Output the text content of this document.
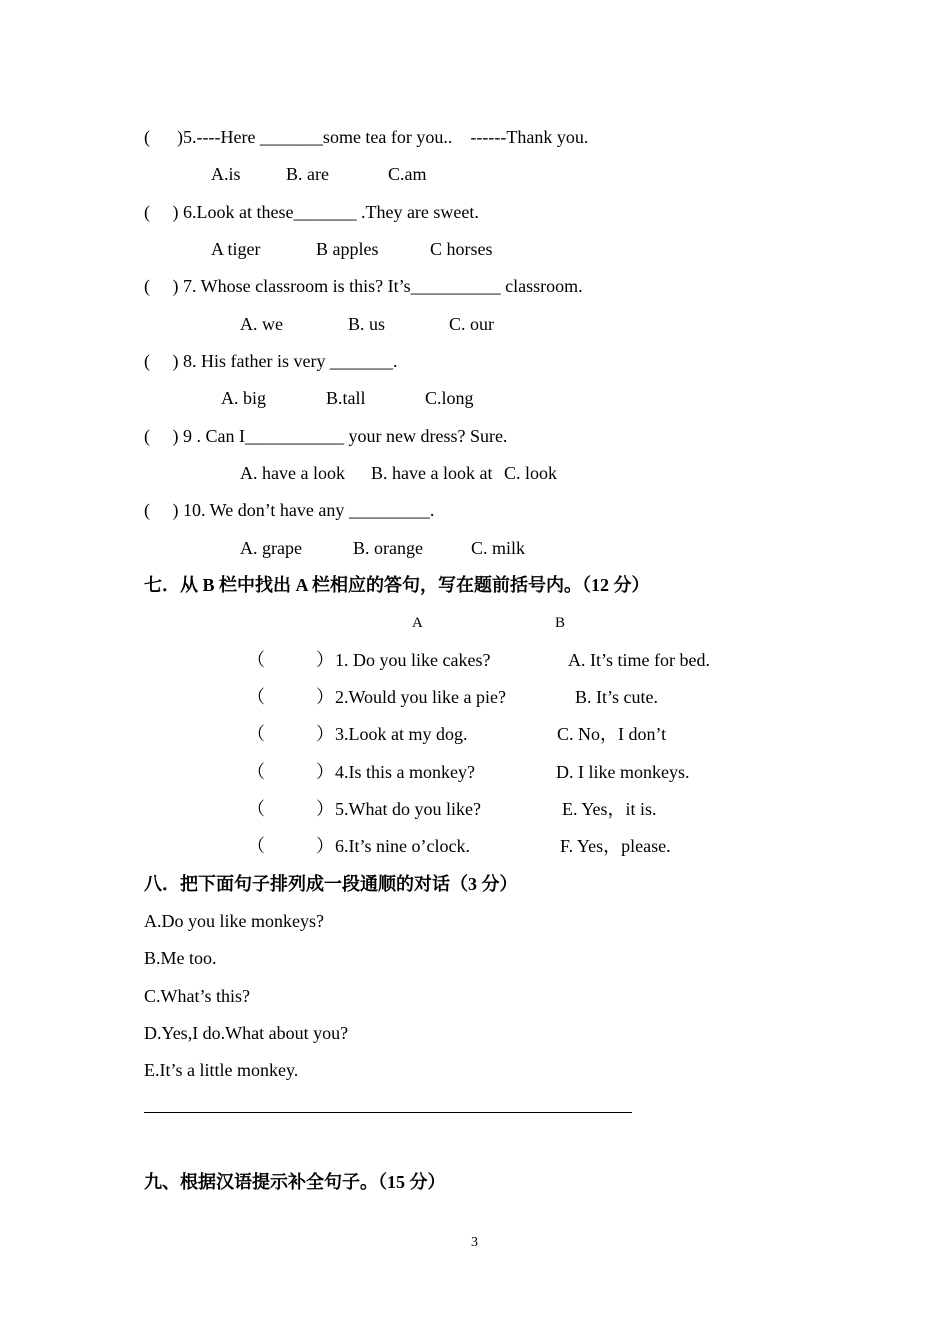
(      )5.----Here _______some tea for you..    ------Thank you.
A.is	B. are	C.am
(     ) 6.Look at these_______ .They are sweet.
A tiger	B apples	C horses
(     ) 7. Whose classroom is this? It’s__________ classroom.
A. we	B. us	C. our
(     ) 8. His father is very _______.
A. big	B.tall	C.long
(     ) 9 . Can I___________ your new dress? Sure.
A. have a look B. have a look at C. look
(     ) 10. We don’t have any _________.
A. grape	B. orange	C. milk
七．从 B 栏中找出 A 栏相应的答句，写在题前括号内。（12 分）
A	B
（	） 1. Do you like cakes?	A. It’s time for bed.
（	） 2.Would you like a pie?	B. It’s cute.
（	） 3.Look at my dog.	C. No，I don’t
（	） 4.Is this a monkey?	D. I like monkeys.
（	） 5.What do you like?	E. Yes，it is.
（	） 6.It’s nine o’clock.	F. Yes，please.
八．把下面句子排列成一段通顺的对话（3 分）
A.Do you like monkeys?
B.Me too.
C.What’s this?
D.Yes,I do.What about you?
E.It’s a little monkey.
九、根据汉语提示补全句子。（15 分）
3
